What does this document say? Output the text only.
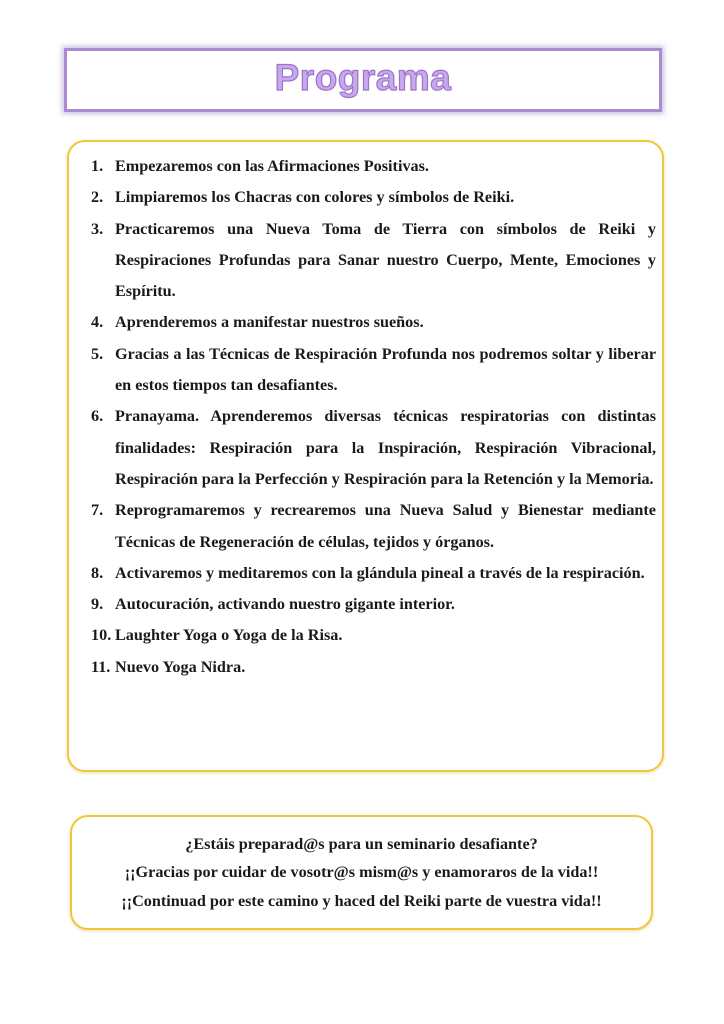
Programa
1. Empezaremos con las Afirmaciones Positivas.
2. Limpiaremos los Chacras con colores y símbolos de Reiki.
3. Practicaremos una Nueva Toma de Tierra con símbolos de Reiki y Respiraciones Profundas para Sanar nuestro Cuerpo, Mente, Emociones y Espíritu.
4. Aprenderemos a manifestar nuestros sueños.
5. Gracias a las Técnicas de Respiración Profunda nos podremos soltar y liberar en estos tiempos tan desafiantes.
6. Pranayama. Aprenderemos diversas técnicas respiratorias con distintas finalidades: Respiración para la Inspiración, Respiración Vibracional, Respiración para la Perfección y Respiración para la Retención y la Memoria.
7. Reprogramaremos y recrearemos una Nueva Salud y Bienestar mediante Técnicas de Regeneración de células, tejidos y órganos.
8. Activaremos y meditaremos con la glándula pineal a través de la respiración.
9. Autocuración, activando nuestro gigante interior.
10. Laughter Yoga o Yoga de la Risa.
11. Nuevo Yoga Nidra.

¿Estáis preparad@s para un seminario desafiante?

¡¡Gracias por cuidar de vosotr@s mism@s y enamoraros de la vida!!

¡¡Continuad por este camino y haced del Reiki parte de vuestra vida!!
